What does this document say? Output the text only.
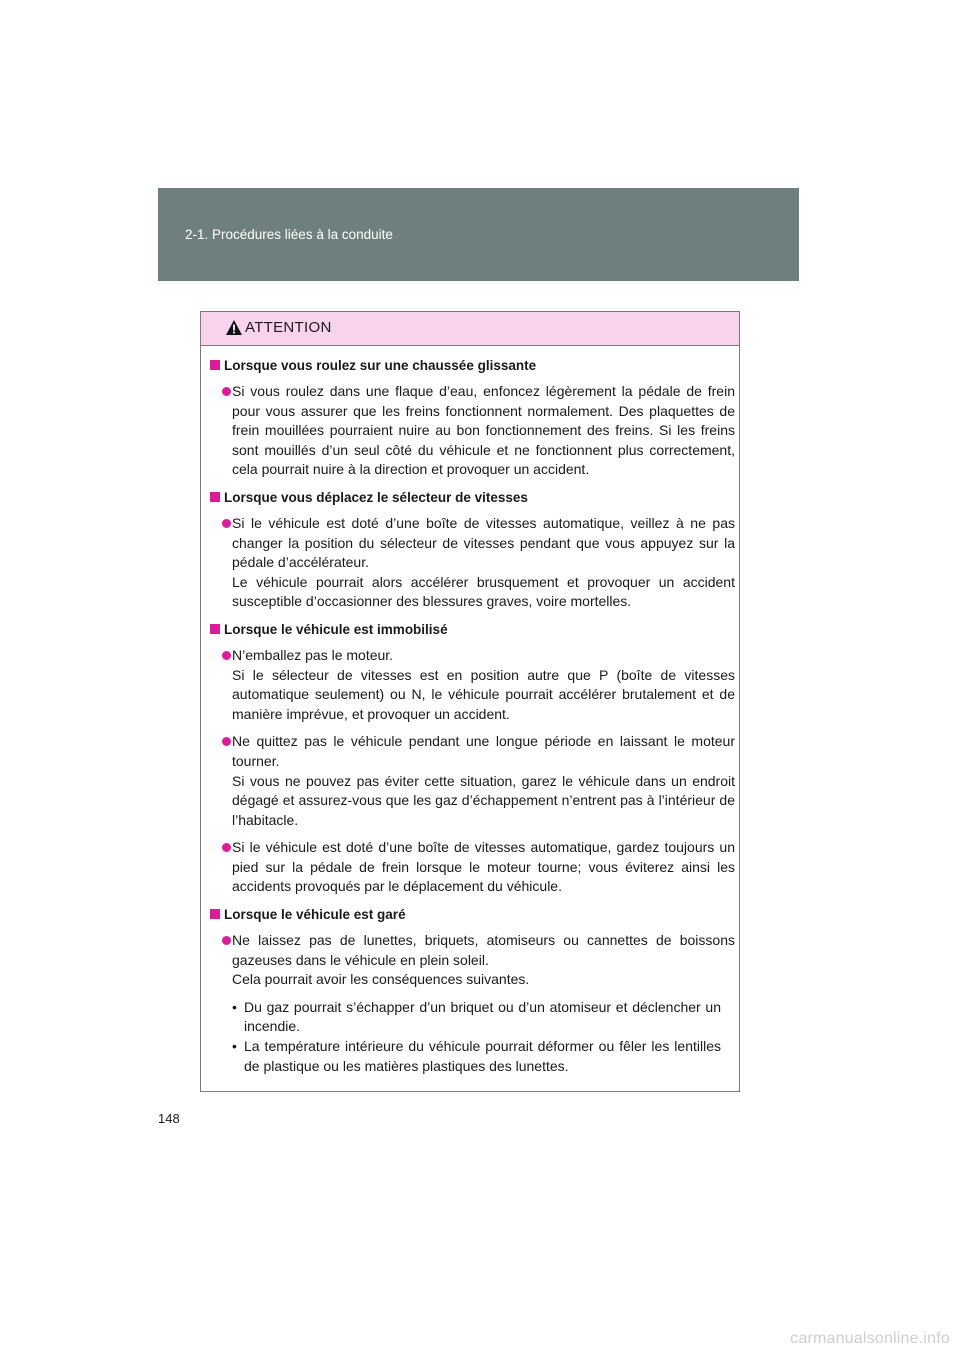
2-1. Procédures liées à la conduite
ATTENTION
Lorsque vous roulez sur une chaussée glissante
Si vous roulez dans une flaque d’eau, enfoncez légèrement la pédale de frein pour vous assurer que les freins fonctionnent normalement. Des plaquettes de frein mouillées pourraient nuire au bon fonctionnement des freins. Si les freins sont mouillés d’un seul côté du véhicule et ne fonctionnent plus correctement, cela pourrait nuire à la direction et provoquer un accident.
Lorsque vous déplacez le sélecteur de vitesses
Si le véhicule est doté d’une boîte de vitesses automatique, veillez à ne pas changer la position du sélecteur de vitesses pendant que vous appuyez sur la pédale d’accélérateur.
Le véhicule pourrait alors accélérer brusquement et provoquer un accident susceptible d’occasionner des blessures graves, voire mortelles.
Lorsque le véhicule est immobilisé
N’emballez pas le moteur.
Si le sélecteur de vitesses est en position autre que P (boîte de vitesses automatique seulement) ou N, le véhicule pourrait accélérer brutalement et de manière imprévue, et provoquer un accident.
Ne quittez pas le véhicule pendant une longue période en laissant le moteur tourner.
Si vous ne pouvez pas éviter cette situation, garez le véhicule dans un endroit dégagé et assurez-vous que les gaz d’échappement n’entrent pas à l’intérieur de l’habitacle.
Si le véhicule est doté d’une boîte de vitesses automatique, gardez toujours un pied sur la pédale de frein lorsque le moteur tourne; vous éviterez ainsi les accidents provoqués par le déplacement du véhicule.
Lorsque le véhicule est garé
Ne laissez pas de lunettes, briquets, atomiseurs ou cannettes de boissons gazeuses dans le véhicule en plein soleil.
Cela pourrait avoir les conséquences suivantes.
• Du gaz pourrait s’échapper d’un briquet ou d’un atomiseur et déclencher un incendie.
• La température intérieure du véhicule pourrait déformer ou fêler les lentilles de plastique ou les matières plastiques des lunettes.
148
carmanualsonline.info
